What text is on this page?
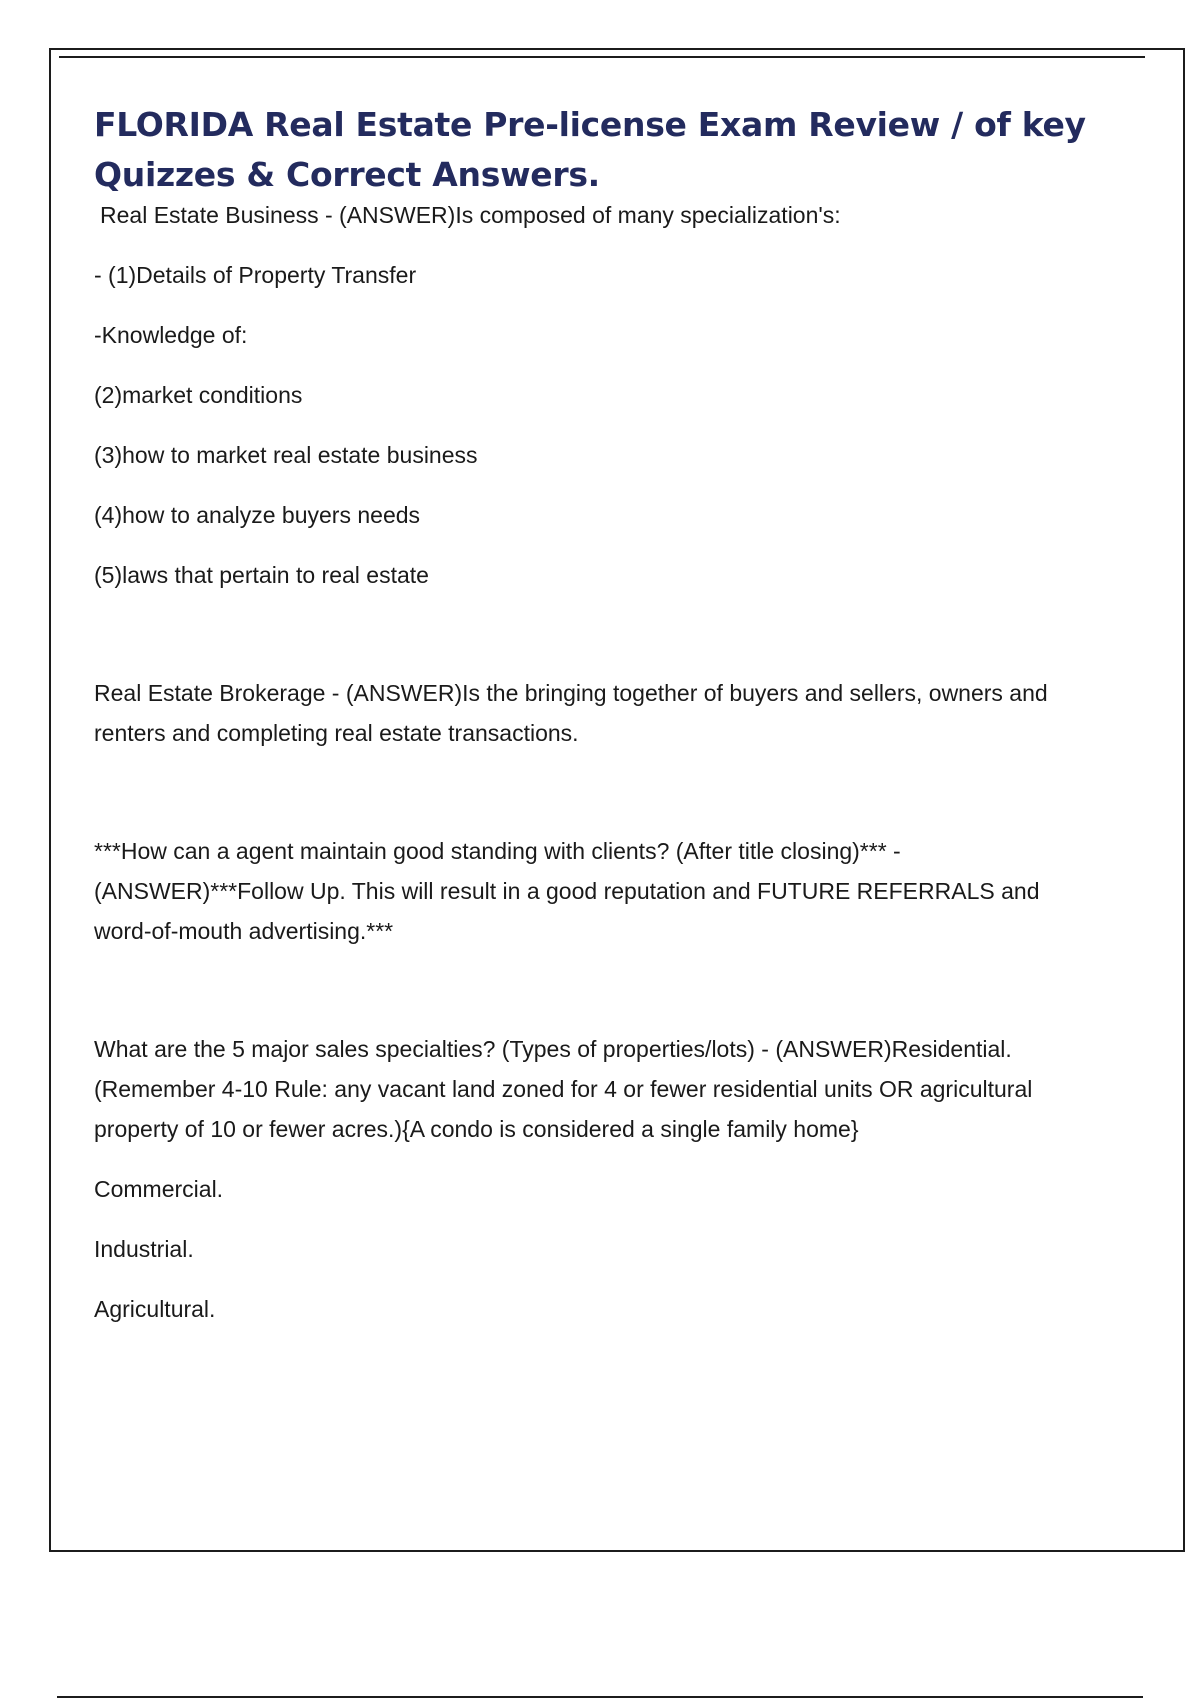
FLORIDA Real Estate Pre-license Exam Review / of key Quizzes & Correct Answers.

Real Estate Business - (ANSWER)Is composed of many specialization's:

- (1)Details of Property Transfer

-Knowledge of:

(2)market conditions

(3)how to market real estate business

(4)how to analyze buyers needs

(5)laws that pertain to real estate

Real Estate Brokerage - (ANSWER)Is the bringing together of buyers and sellers, owners and renters and completing real estate transactions.

***How can a agent maintain good standing with clients? (After title closing)*** - (ANSWER)***Follow Up. This will result in a good reputation and FUTURE REFERRALS and word-of-mouth advertising.***

What are the 5 major sales specialties? (Types of properties/lots) - (ANSWER)Residential. (Remember 4-10 Rule: any vacant land zoned for 4 or fewer residential units OR agricultural property of 10 or fewer acres.){A condo is considered a single family home}

Commercial.

Industrial.

Agricultural.
